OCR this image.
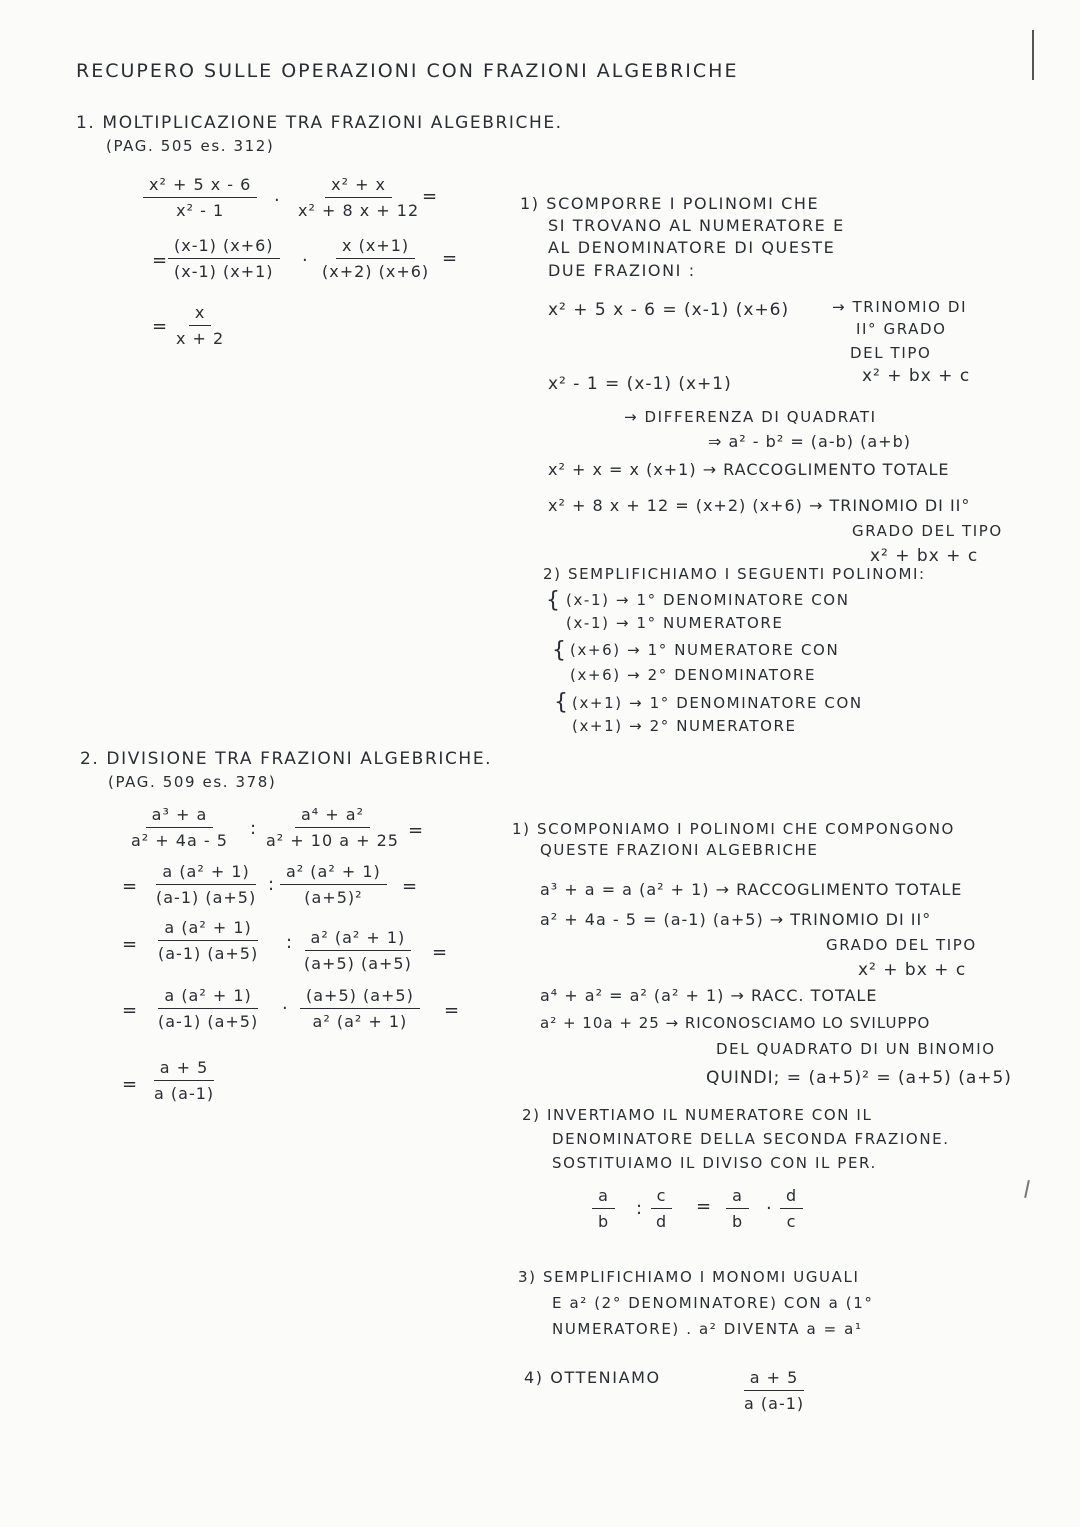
RECUPERO SULLE OPERAZIONI CON FRAZIONI ALGEBRICHE
1. MOLTIPLICAZIONE TRA FRAZIONI ALGEBRICHE.
(PAG. 505 es. 312)
$\frac{\text{x² + 5 x - 6}}{\text{x² - 1}} \cdot \frac{\text{x² + x}}{\text{x² + 8 x + 12}}$
=
= $\frac{(x-1) (x+6)}{(x-1) (x+1)} \cdot \frac{x (x+1)}{(x+2) (x+6)}$ =
= $\frac{x}{x + 2}$
1) SCOMPORRE I POLINOMI CHE
SI TROVANO AL NUMERATORE E
AL DENOMINATORE DI QUESTE
DUE FRAZIONI :
x² + 5 x - 6 = (x-1) (x+6)	→ TRINOMIO DI
II° GRADO
DEL TIPO
x² + bx + c
x² - 1 = (x-1) (x+1)
→ DIFFERENZA DI QUADRATI
⇒ a² - b² = (a-b) (a+b)
x² + x = x (x+1) → RACCOGLIMENTO TOTALE
x² + 8 x + 12 = (x+2) (x+6) → TRINOMIO DI II°
GRADO DEL TIPO
x² + bx + c
2) SEMPLIFICHIAMO I SEGUENTI POLINOMI:
{ (x-1) → 1° DENOMINATORE CON
(x-1) → 1° NUMERATORE
{ (x+6) → 1° NUMERATORE CON
(x+6) → 2° DENOMINATORE
{ (x+1) → 1° DENOMINATORE CON
(x+1) → 2° NUMERATORE
2. DIVISIONE TRA FRAZIONI ALGEBRICHE.
(PAG. 509 es. 378)
$\frac{\text{a³ + a}}{\text{a² + 4a - 5}}$ : $\frac{\text{a⁴ + a²}}{\text{a² + 10 a + 25}}$ =
= $\frac{\text{a (a² + 1)}}{(a-1) (a+5)}$ : $\frac{\text{a² (a² + 1)}}{\text{(a+5)²}}$ =
= $\frac{\text{a (a² + 1)}}{(a-1) (a+5)}$ : $\frac{\text{a² (a² + 1)}}{(a+5) (a+5)}$ =
= $\frac{\text{a (a² + 1)}}{(a-1) (a+5)} \cdot \frac{(a+5) (a+5)}{\text{a² (a² + 1)}}$ =
= $\frac{a + 5}{a (a-1)}$
1) SCOMPONIAMO I POLINOMI CHE COMPONGONO
QUESTE FRAZIONI ALGEBRICHE
a³ + a = a (a² + 1) → RACCOGLIMENTO TOTALE
a² + 4a - 5 = (a-1) (a+5) → TRINOMIO DI II°
GRADO DEL TIPO
x² + bx + c
a⁴ + a² = a² (a² + 1) → RACC. TOTALE
a² + 10a + 25 → RICONOSCIAMO LO SVILUPPO
DEL QUADRATO DI UN BINOMIO
QUINDI; = (a+5)² = (a+5) (a+5)
2) INVERTIAMO IL NUMERATORE CON IL
DENOMINATORE DELLA SECONDA FRAZIONE.
SOSTITUIAMO IL DIVISO CON IL PER.
$\frac{a}{b}$ : $\frac{c}{d} = \frac{a}{b} \cdot \frac{d}{c}$
3) SEMPLIFICHIAMO I MONOMI UGUALI
E a² (2° DENOMINATORE) CON a (1°
NUMERATORE) . a² DIVENTA a = a¹
4) OTTENIAMO	$\frac{a + 5}{a (a-1)}$
